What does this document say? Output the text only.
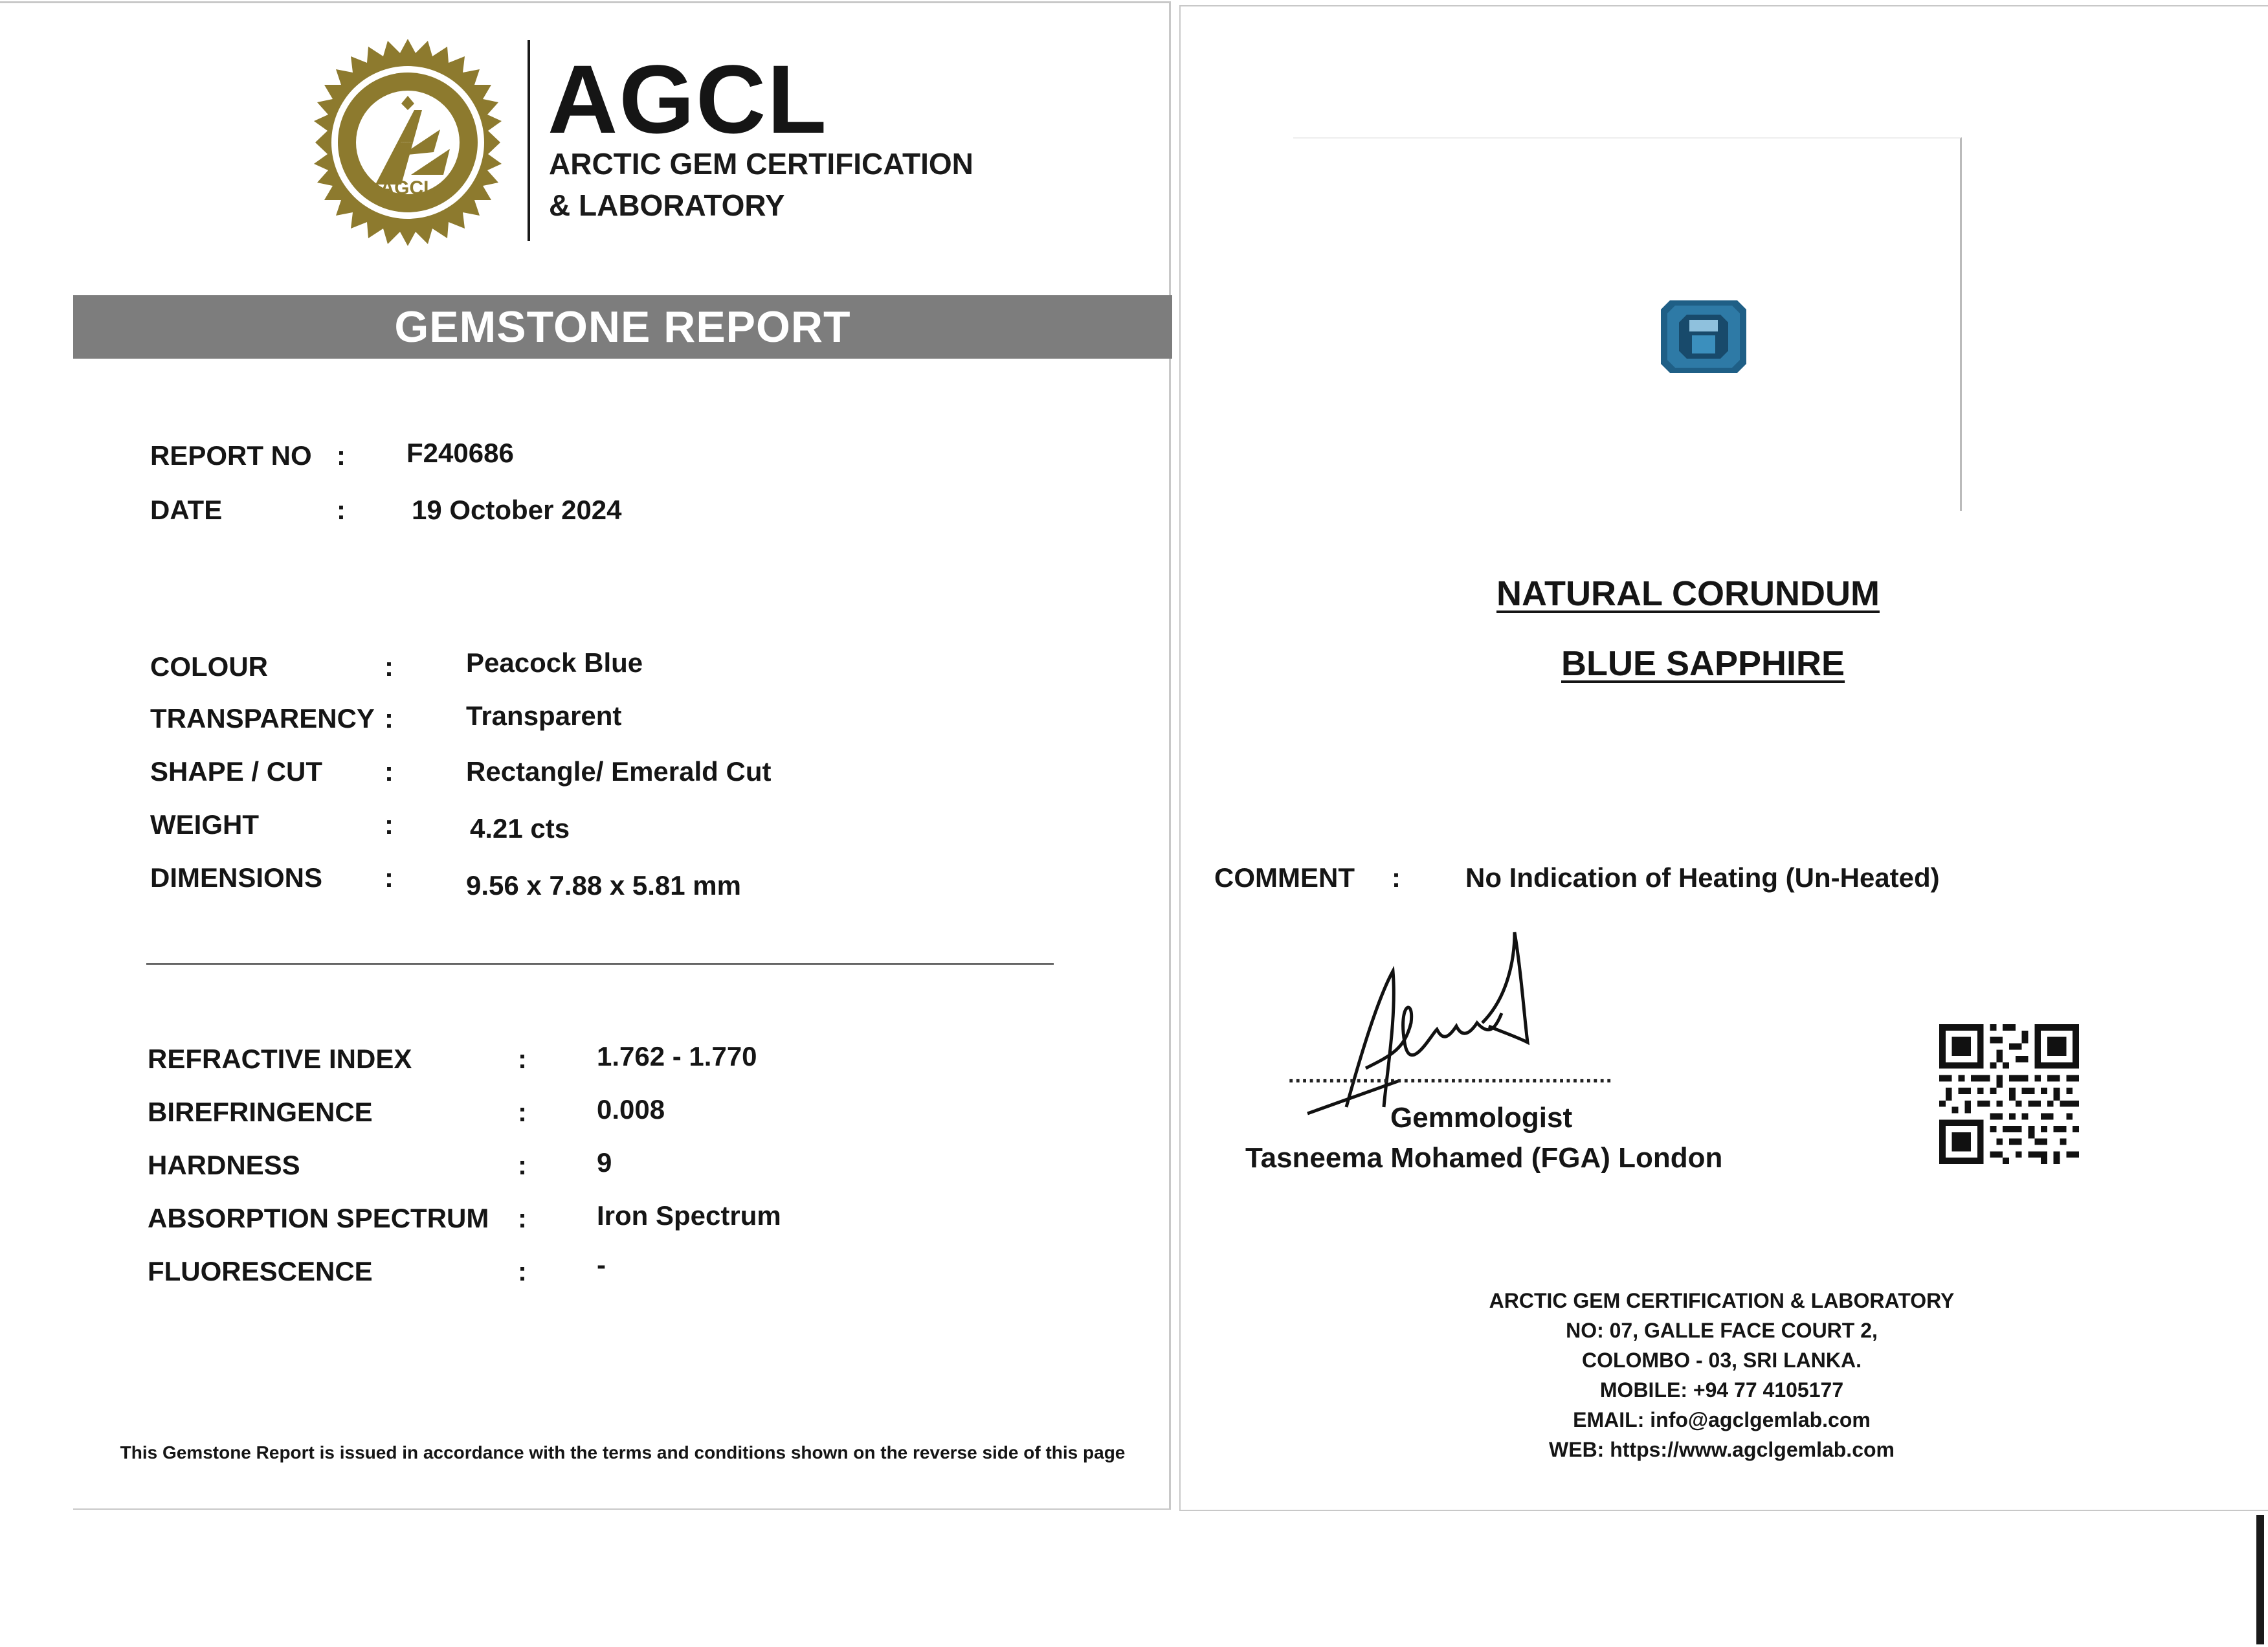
AGCL
ARCTIC GEM CERTIFICATION & LABORATORY AGCL
ARCTIC GEM CERTIFICATION
& LABORATORY
GEMSTONE REPORT
REPORT NO : F240686
DATE	: 19 October 2024
COLOUR	:	Peacock Blue
TRANSPARENCY :	Transparent
SHAPE / CUT :	Rectangle/ Emerald Cut
WEIGHT	:	4.21 cts
DIMENSIONS :	9.56 x 7.88 x 5.81 mm
REFRACTIVE INDEX	:	1.762 - 1.770
BIREFRINGENCE	:	0.008
HARDNESS	:	9
ABSORPTION SPECTRUM :	Iron Spectrum
FLUORESCENCE	:	-
This Gemstone Report is issued in accordance with the terms and conditions shown on the reverse side of this page
NATURAL CORUNDUM
BLUE SAPPHIRE
COMMENT : No Indication of Heating (Un-Heated)
................................................
Gemmologist
Tasneema Mohamed (FGA) London
ARCTIC GEM CERTIFICATION & LABORATORY
NO: 07, GALLE FACE COURT 2,
COLOMBO - 03, SRI LANKA.
MOBILE: +94 77 4105177
EMAIL: info@agclgemlab.com
WEB: https://www.agclgemlab.com
